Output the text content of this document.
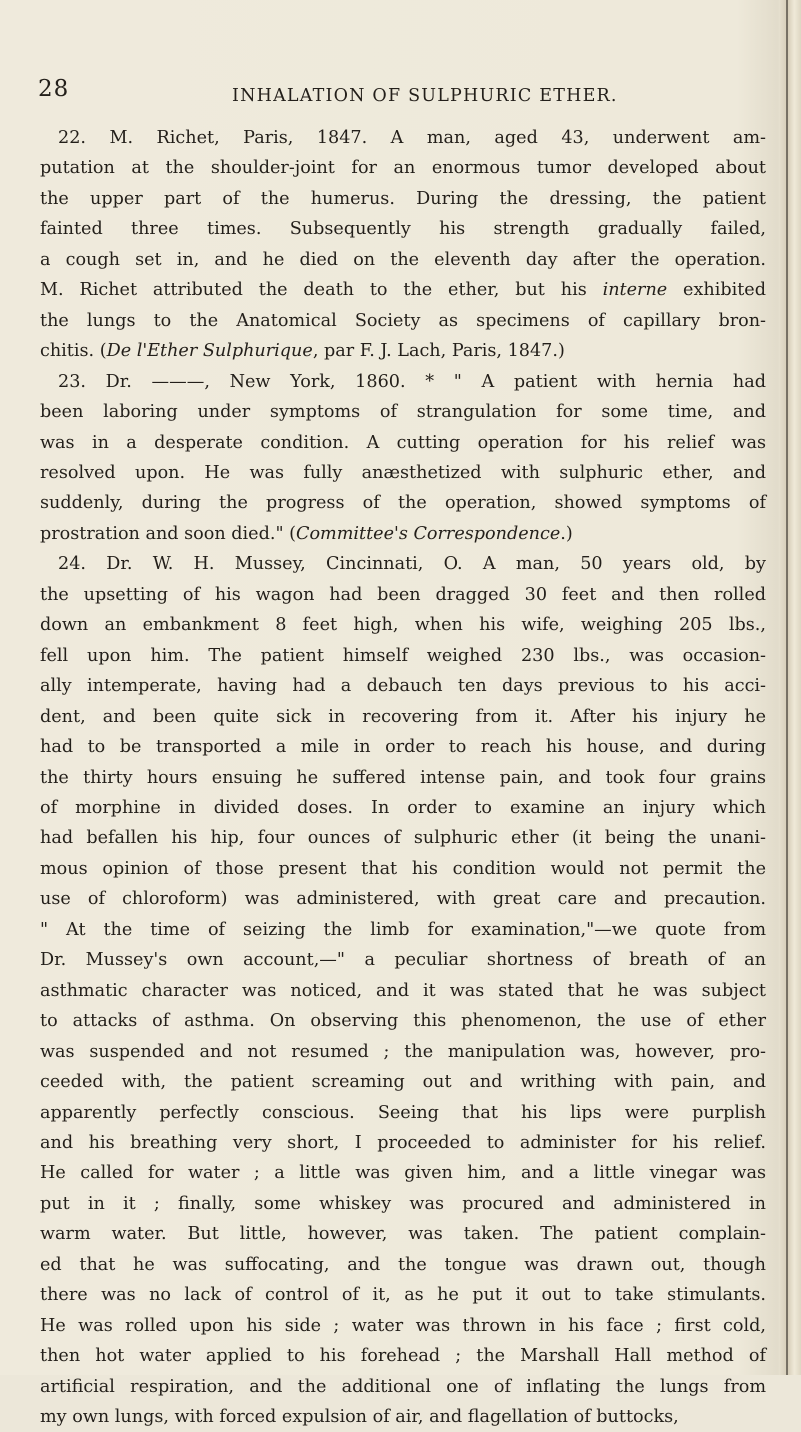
28	INHALATION OF SULPHURIC ETHER.

22. M. Richet, Paris, 1847. A man, aged 43, underwent am-
putation at the shoulder-joint for an enormous tumor developed about
the upper part of the humerus. During the dressing, the patient
fainted three times. Subsequently his strength gradually failed,
a cough set in, and he died on the eleventh day after the operation.
M. Richet attributed the death to the ether, but his interne exhibited
the lungs to the Anatomical Society as specimens of capillary bron-
chitis. (De l'Ether Sulphurique, par F. J. Lach, Paris, 1847.)

23. Dr. ———, New York, 1860. * " A patient with hernia had
been laboring under symptoms of strangulation for some time, and
was in a desperate condition. A cutting operation for his relief was
resolved upon. He was fully anæsthetized with sulphuric ether, and
suddenly, during the progress of the operation, showed symptoms of
prostration and soon died." (Committee's Correspondence.)

24. Dr. W. H. Mussey, Cincinnati, O. A man, 50 years old, by
the upsetting of his wagon had been dragged 30 feet and then rolled
down an embankment 8 feet high, when his wife, weighing 205 lbs.,
fell upon him. The patient himself weighed 230 lbs., was occasion-
ally intemperate, having had a debauch ten days previous to his acci-
dent, and been quite sick in recovering from it. After his injury he
had to be transported a mile in order to reach his house, and during
the thirty hours ensuing he suffered intense pain, and took four grains
of morphine in divided doses. In order to examine an injury which
had befallen his hip, four ounces of sulphuric ether (it being the unani-
mous opinion of those present that his condition would not permit the
use of chloroform) was administered, with great care and precaution.
" At the time of seizing the limb for examination,"—we quote from
Dr. Mussey's own account,—" a peculiar shortness of breath of an
asthmatic character was noticed, and it was stated that he was subject
to attacks of asthma. On observing this phenomenon, the use of ether
was suspended and not resumed ; the manipulation was, however, pro-
ceeded with, the patient screaming out and writhing with pain, and
apparently perfectly conscious. Seeing that his lips were purplish
and his breathing very short, I proceeded to administer for his relief.
He called for water ; a little was given him, and a little vinegar was
put in it ; finally, some whiskey was procured and administered in
warm water. But little, however, was taken. The patient complain-
ed that he was suffocating, and the tongue was drawn out, though
there was no lack of control of it, as he put it out to take stimulants.
He was rolled upon his side ; water was thrown in his face ; first cold,
then hot water applied to his forehead ; the Marshall Hall method of
artificial respiration, and the additional one of inflating the lungs from
my own lungs, with forced expulsion of air, and flagellation of buttocks,
